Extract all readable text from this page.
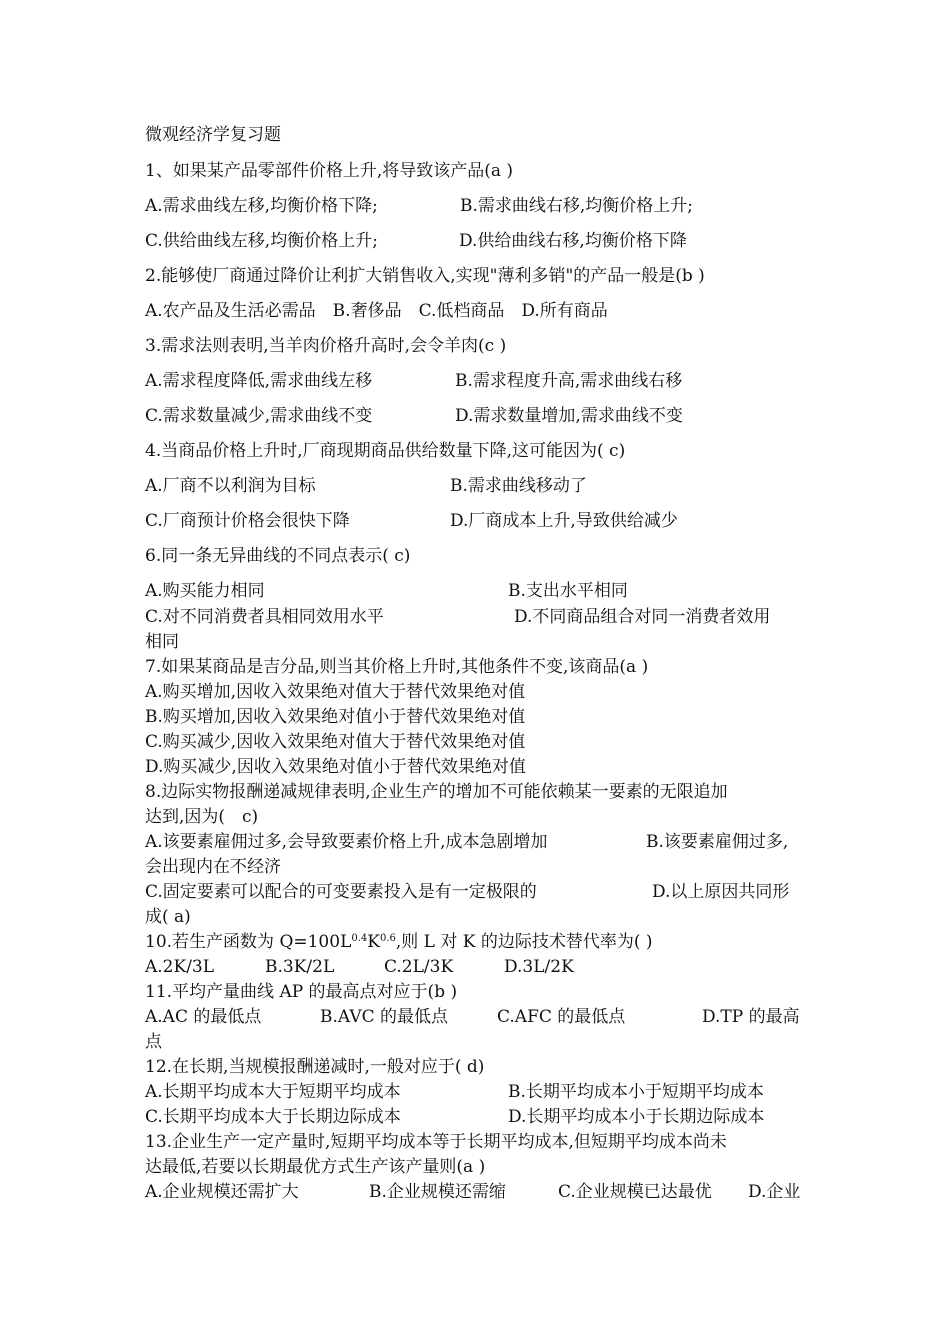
微观经济学复习题
1、如果某产品零部件价格上升,将导致该产品(a )
A.需求曲线左移,均衡价格下降;	B.需求曲线右移,均衡价格上升;
C.供给曲线左移,均衡价格上升;	D.供给曲线右移,均衡价格下降
2.能够使厂商通过降价让利扩大销售收入,实现"薄利多销"的产品一般是(b )
A.农产品及生活必需品　B.奢侈品　C.低档商品　D.所有商品
3.需求法则表明,当羊肉价格升高时,会令羊肉(c )
A.需求程度降低,需求曲线左移	B.需求程度升高,需求曲线右移
C.需求数量减少,需求曲线不变	D.需求数量增加,需求曲线不变
4.当商品价格上升时,厂商现期商品供给数量下降,这可能因为( c)
A.厂商不以利润为目标	B.需求曲线移动了
C.厂商预计价格会很快下降	D.厂商成本上升,导致供给减少
6.同一条无异曲线的不同点表示( c)
A.购买能力相同	B.支出水平相同
C.对不同消费者具相同效用水平	D.不同商品组合对同一消费者效用
相同
7.如果某商品是吉分品,则当其价格上升时,其他条件不变,该商品(a )
A.购买增加,因收入效果绝对值大于替代效果绝对值
B.购买增加,因收入效果绝对值小于替代效果绝对值
C.购买减少,因收入效果绝对值大于替代效果绝对值
D.购买减少,因收入效果绝对值小于替代效果绝对值
8.边际实物报酬递减规律表明,企业生产的增加不可能依赖某一要素的无限追加
达到,因为(　c)
A.该要素雇佣过多,会导致要素价格上升,成本急剧增加	B.该要素雇佣过多,
会出现内在不经济
C.固定要素可以配合的可变要素投入是有一定极限的	D.以上原因共同形
成( a)
10.若生产函数为 $Q=100L^{0.4}K^{0.6}$,则 L 对 K 的边际技术替代率为( )
A.2K/3L	B.3K/2L	C.2L/3K	D.3L/2K
11.平均产量曲线 AP 的最高点对应于(b )
A.AC 的最低点	B.AVC 的最低点	C.AFC 的最低点	D.TP 的最高
点
12.在长期,当规模报酬递减时,一般对应于( d)
A.长期平均成本大于短期平均成本	B.长期平均成本小于短期平均成本
C.长期平均成本大于长期边际成本	D.长期平均成本小于长期边际成本
13.企业生产一定产量时,短期平均成本等于长期平均成本,但短期平均成本尚未
达最低,若要以长期最优方式生产该产量则(a )
A.企业规模还需扩大	B.企业规模还需缩	C.企业规模已达最优 D.企业
